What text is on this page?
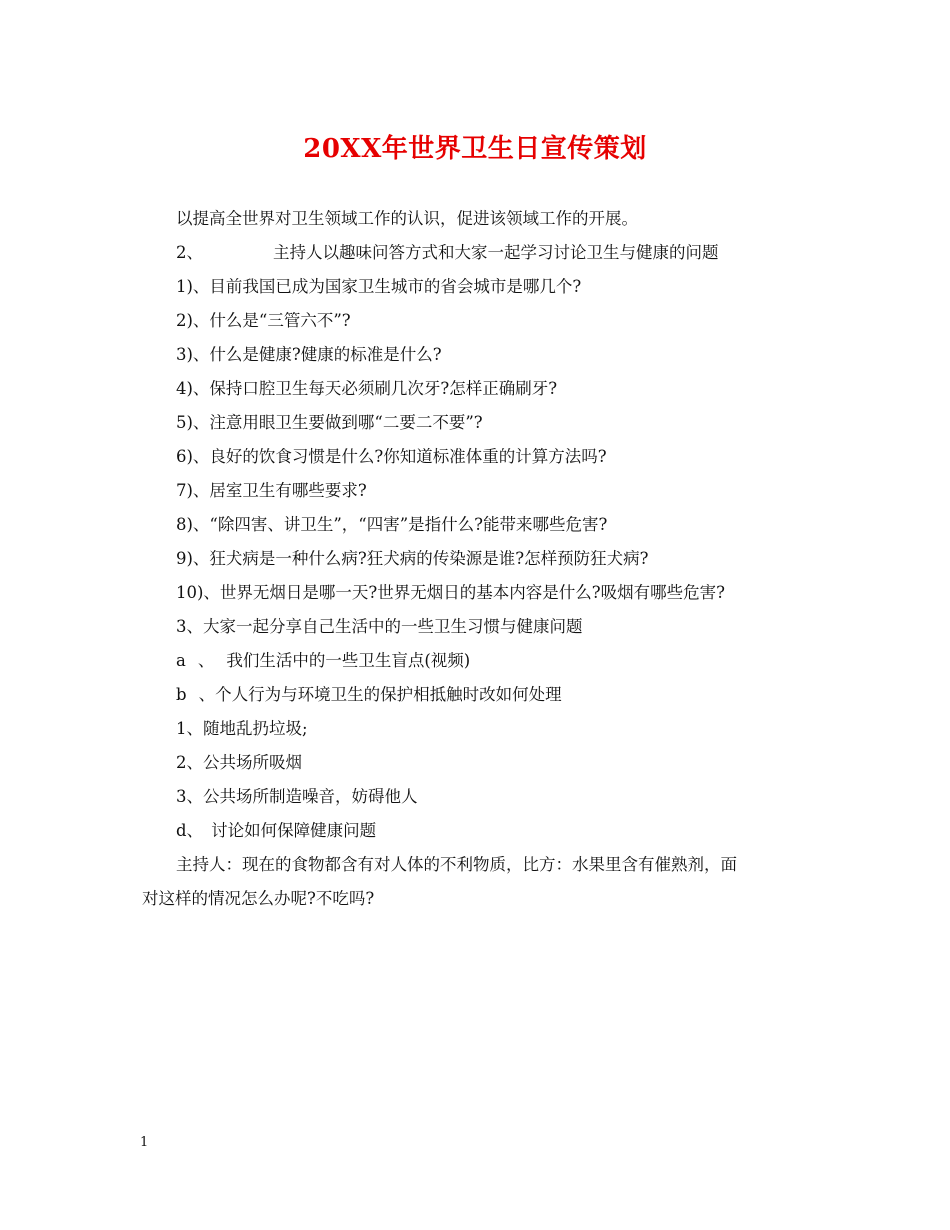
20XX年世界卫生日宣传策划
以提高全世界对卫生领域工作的认识，促进该领域工作的开展。
2、	主持人以趣味问答方式和大家一起学习讨论卫生与健康的问题
1)、目前我国已成为国家卫生城市的省会城市是哪几个?
2)、什么是“三管六不”?
3)、什么是健康?健康的标准是什么?
4)、保持口腔卫生每天必须刷几次牙?怎样正确刷牙?
5)、注意用眼卫生要做到哪“二要二不要”?
6)、良好的饮食习惯是什么?你知道标准体重的计算方法吗?
7)、居室卫生有哪些要求?
8)、“除四害、讲卫生”，“四害”是指什么?能带来哪些危害?
9)、狂犬病是一种什么病?狂犬病的传染源是谁?怎样预防狂犬病?
10)、世界无烟日是哪一天?世界无烟日的基本内容是什么?吸烟有哪些危害?
3、大家一起分享自己生活中的一些卫生习惯与健康问题
a 、 我们生活中的一些卫生盲点(视频)
b 、个人行为与环境卫生的保护相抵触时改如何处理
1、随地乱扔垃圾;
2、公共场所吸烟
3、公共场所制造噪音，妨碍他人
d、 讨论如何保障健康问题
主持人：现在的食物都含有对人体的不利物质，比方：水果里含有催熟剂，面
对这样的情况怎么办呢?不吃吗?
1
